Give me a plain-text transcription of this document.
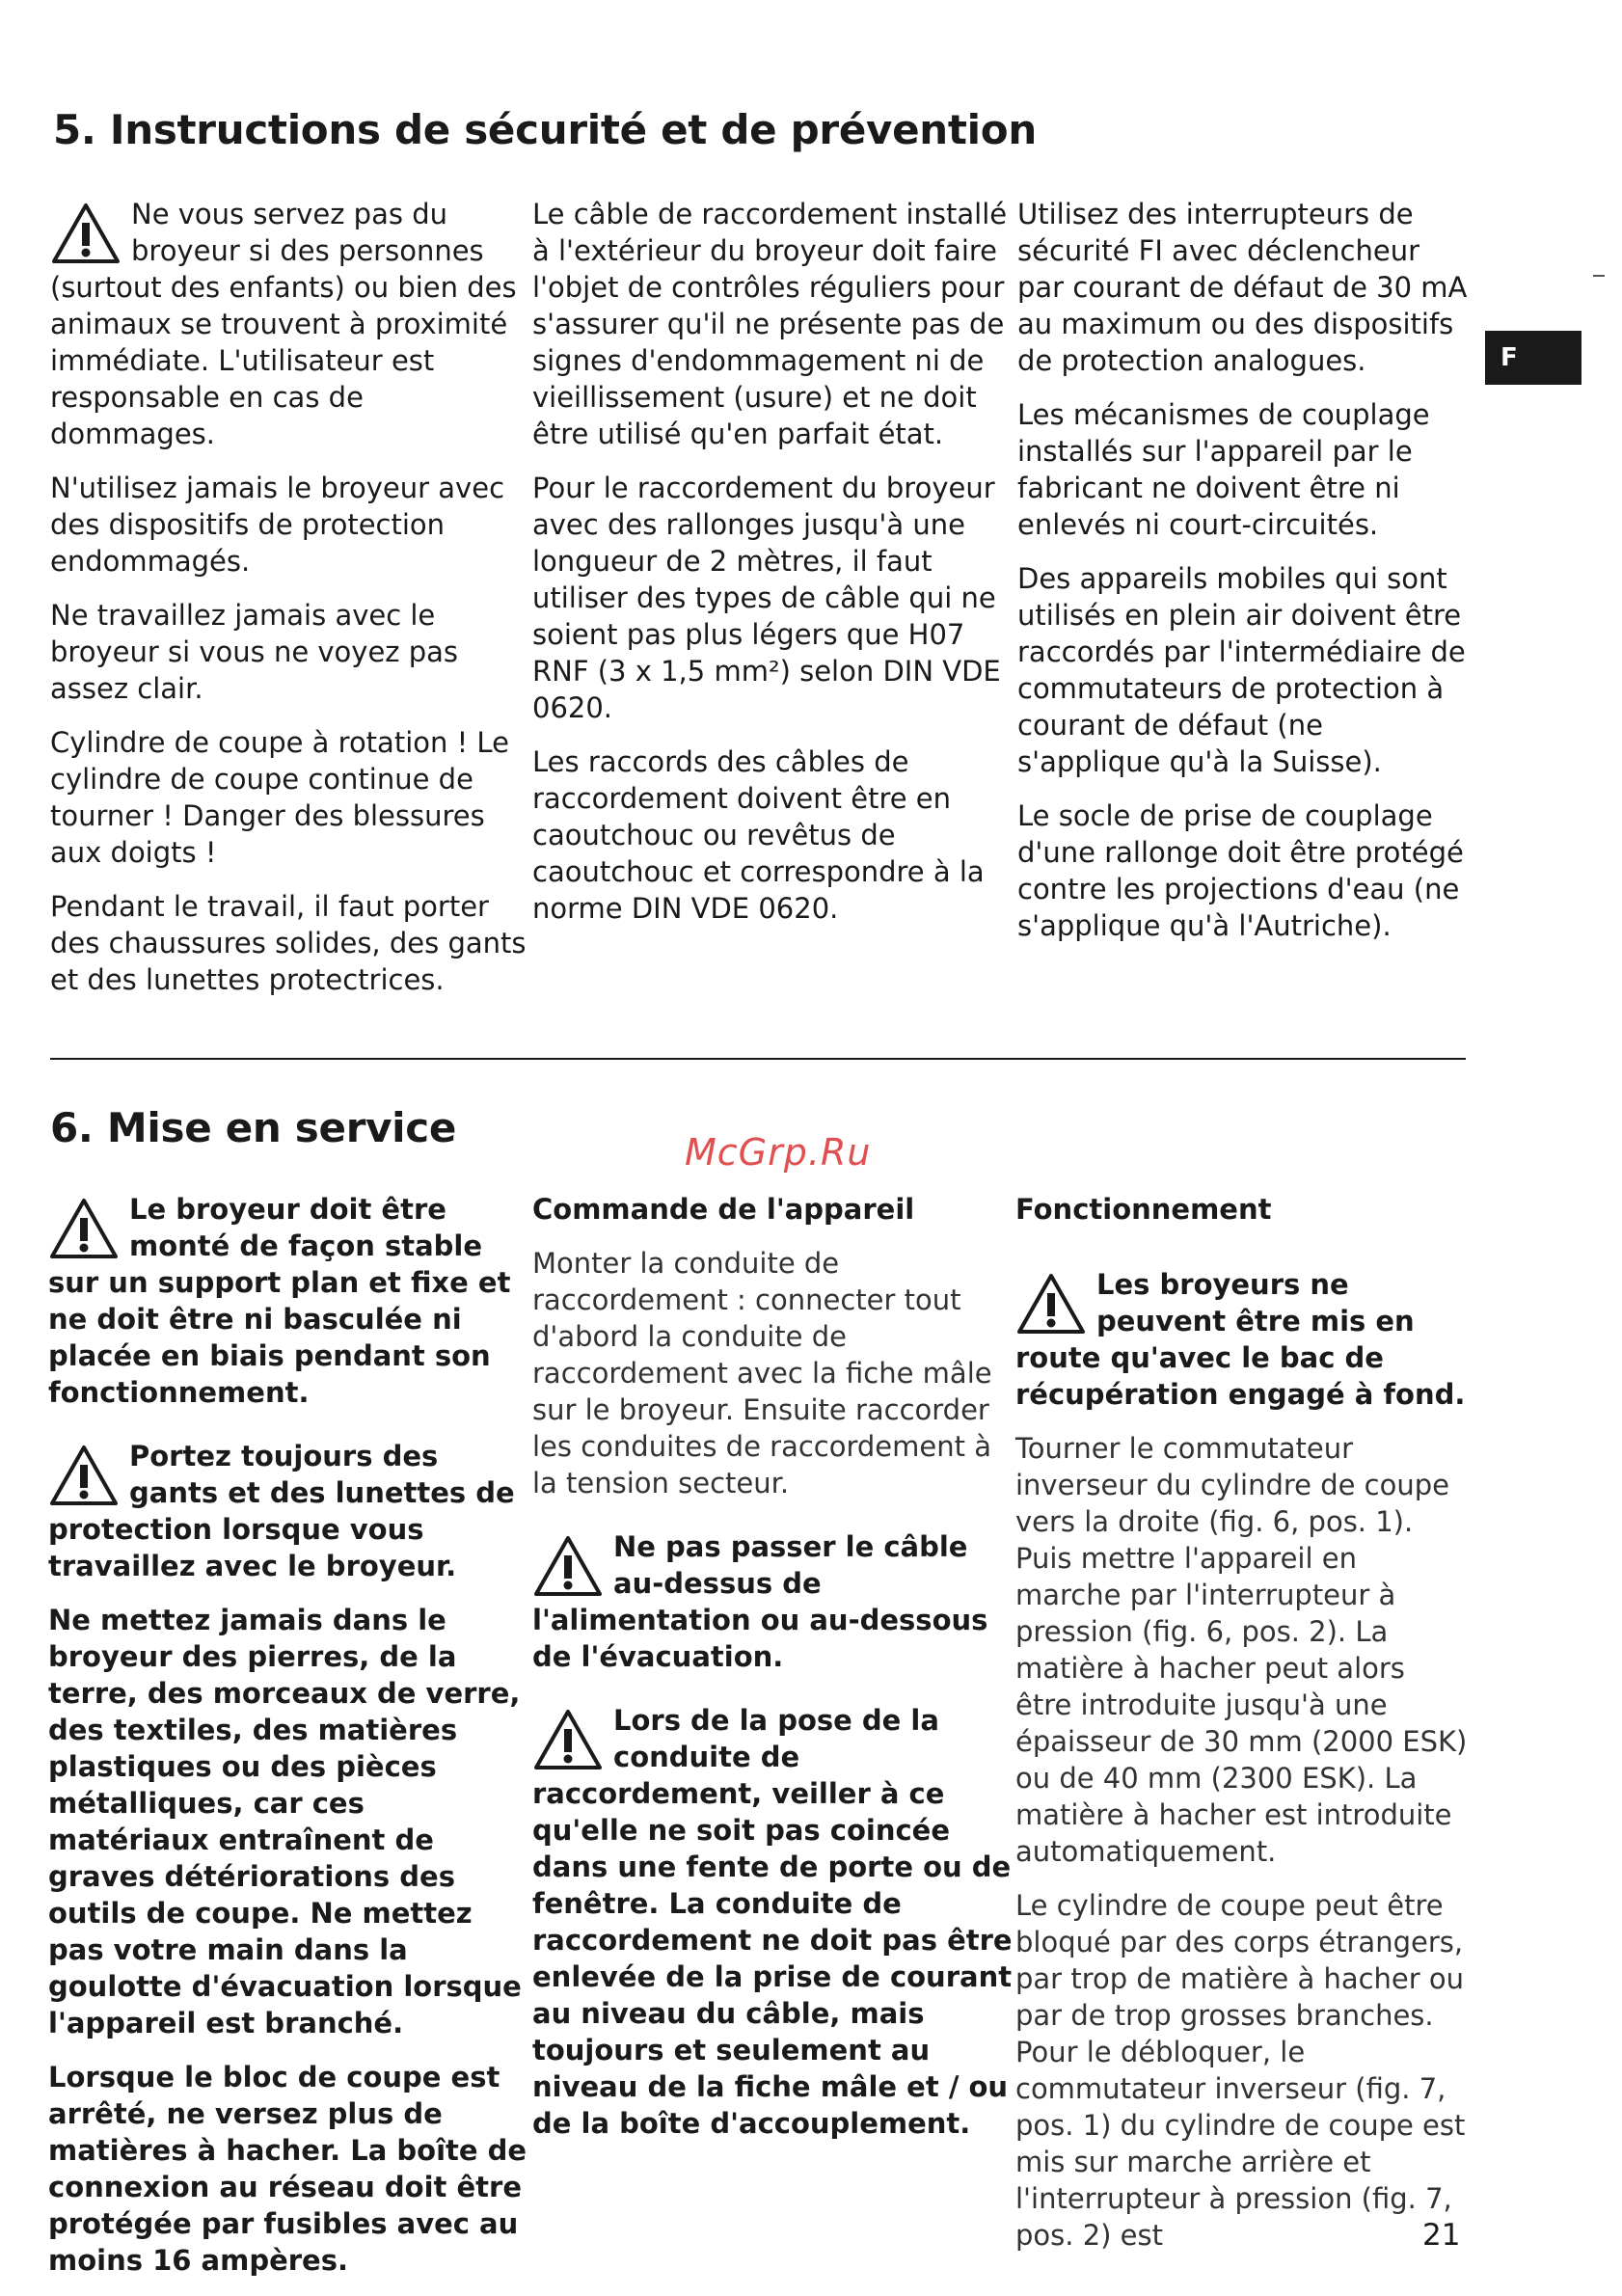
5. Instructions de sécurité et de prévention

Ne vous servez pas du broyeur si des personnes (surtout des enfants) ou bien des animaux se trouvent à proximité immédiate. L'utilisateur est responsable en cas de dommages.

N'utilisez jamais le broyeur avec des dispositifs de protection endommagés.

Ne travaillez jamais avec le broyeur si vous ne voyez pas assez clair.

Cylindre de coupe à rotation ! Le cylindre de coupe continue de tourner ! Danger des blessures aux doigts !

Pendant le travail, il faut porter des chaussures solides, des gants et des lunettes protectrices.

Le câble de raccordement installé à l'extérieur du broyeur doit faire l'objet de contrôles réguliers pour s'assurer qu'il ne présente pas de signes d'endommagement ni de vieillissement (usure) et ne doit être utilisé qu'en parfait état.

Pour le raccordement du broyeur avec des rallonges jusqu'à une longueur de 2 mètres, il faut utiliser des types de câble qui ne soient pas plus légers que H07 RNF (3 x 1,5 mm²) selon DIN VDE 0620.

Les raccords des câbles de raccordement doivent être en caoutchouc ou revêtus de caoutchouc et correspondre à la norme DIN VDE 0620.

Utilisez des interrupteurs de sécurité FI avec déclencheur par courant de défaut de 30 mA au maximum ou des dispositifs de protection analogues.

Les mécanismes de couplage installés sur l'appareil par le fabricant ne doivent être ni enlevés ni court-circuités.

Des appareils mobiles qui sont utilisés en plein air doivent être raccordés par l'intermédiaire de commutateurs de protection à courant de défaut (ne s'applique qu'à la Suisse).

Le socle de prise de couplage d'une rallonge doit être protégé contre les projections d'eau (ne s'applique qu'à l'Autriche).

F
6. Mise en service
McGrp.Ru

Le broyeur doit être monté de façon stable sur un support plan et fixe et ne doit être ni basculée ni placée en biais pendant son fonctionnement.

Portez toujours des gants et des lunettes de protection lorsque vous travaillez avec le broyeur.

Ne mettez jamais dans le broyeur des pierres, de la terre, des morceaux de verre, des textiles, des matières plastiques ou des pièces métalliques, car ces matériaux entraînent de graves détériorations des outils de coupe. Ne mettez pas votre main dans la goulotte d'évacuation lorsque l'appareil est branché.

Lorsque le bloc de coupe est arrêté, ne versez plus de matières à hacher. La boîte de connexion au réseau doit être protégée par fusibles avec au moins 16 ampères.

Commande de l'appareil

Monter la conduite de raccordement : connecter tout d'abord la conduite de raccordement avec la fiche mâle sur le broyeur. Ensuite raccorder les conduites de raccordement à la tension secteur.

Ne pas passer le câble au-dessus de l'alimentation ou au-dessous de l'évacuation.

Lors de la pose de la conduite de raccordement, veiller à ce qu'elle ne soit pas coincée dans une fente de porte ou de fenêtre. La conduite de raccordement ne doit pas être enlevée de la prise de courant au niveau du câble, mais toujours et seulement au niveau de la fiche mâle et / ou de la boîte d'accouplement.

Fonctionnement

Les broyeurs ne peuvent être mis en route qu'avec le bac de récupération engagé à fond.

Tourner le commutateur inverseur du cylindre de coupe vers la droite (fig. 6, pos. 1). Puis mettre l'appareil en marche par l'interrupteur à pression (fig. 6, pos. 2). La matière à hacher peut alors être introduite jusqu'à une épaisseur de 30 mm (2000 ESK) ou de 40 mm (2300 ESK). La matière à hacher est introduite automatiquement.

Le cylindre de coupe peut être bloqué par des corps étrangers, par trop de matière à hacher ou par de trop grosses branches. Pour le débloquer, le commutateur inverseur (fig. 7, pos. 1) du cylindre de coupe est mis sur marche arrière et l'interrupteur à pression (fig. 7, pos. 2) est	21
